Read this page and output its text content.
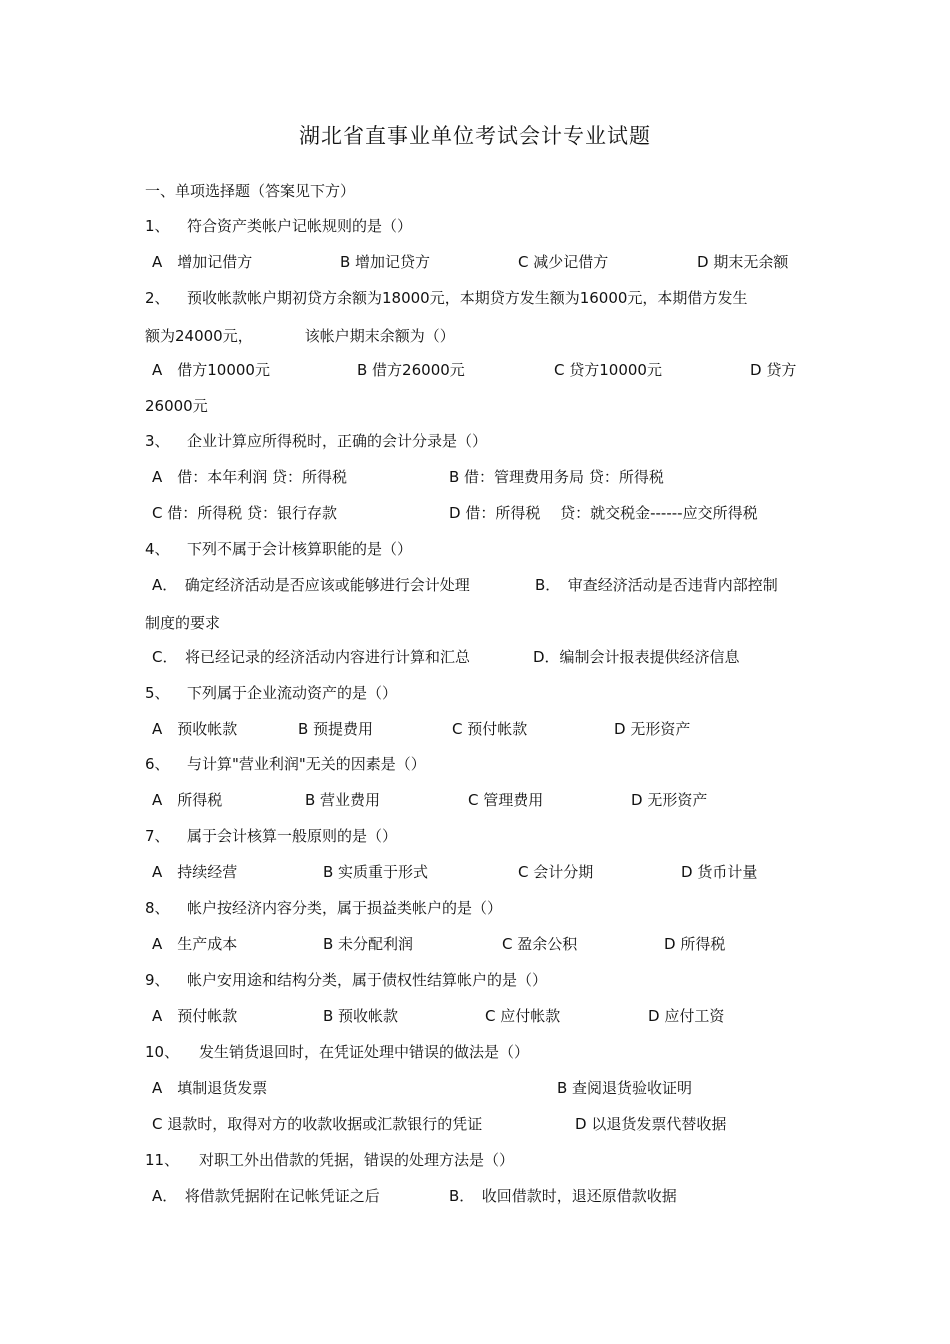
湖北省直事业单位考试会计专业试题
一、单项选择题（答案见下方）
1、 符合资产类帐户记帐规则的是（）
A　增加记借方	B 增加记贷方	C 减少记借方	D 期末无余额
2、 预收帐款帐户期初贷方余额为18000元，本期贷方发生额为16000元，本期借方发生
额为24000元，	该帐户期末余额为（）
A　借方10000元	B 借方26000元	C 贷方10000元	D 贷方
26000元
3、 企业计算应所得税时，正确的会计分录是（）
A　借：本年利润 贷：所得税	B 借：管理费用务局 贷：所得税
C 借：所得税 贷：银行存款	D 借：所得税　 贷：就交税金------应交所得税
4、 下列不属于会计核算职能的是（）
A．　确定经济活动是否应该或能够进行会计处理	B．　审查经济活动是否违背内部控制
制度的要求
C．　将已经记录的经济活动内容进行计算和汇总	D．编制会计报表提供经济信息
5、 下列属于企业流动资产的是（）
A　预收帐款	B 预提费用	C 预付帐款	D 无形资产
6、 与计算"营业利润"无关的因素是（）
A　所得税	B 营业费用	C 管理费用	D 无形资产
7、 属于会计核算一般原则的是（）
A　持续经营	B 实质重于形式	C 会计分期	D 货币计量
8、 帐户按经济内容分类，属于损益类帐户的是（）
A　生产成本	B 未分配利润	C 盈余公积	D 所得税
9、 帐户安用途和结构分类，属于债权性结算帐户的是（）
A　预付帐款	B 预收帐款	C 应付帐款	D 应付工资
10、 发生销货退回时，在凭证处理中错误的做法是（）
A　填制退货发票	B 查阅退货验收证明
C 退款时，取得对方的收款收据或汇款银行的凭证	D 以退货发票代替收据
11、 对职工外出借款的凭据，错误的处理方法是（）
A．　将借款凭据附在记帐凭证之后	B．　收回借款时，退还原借款收据
